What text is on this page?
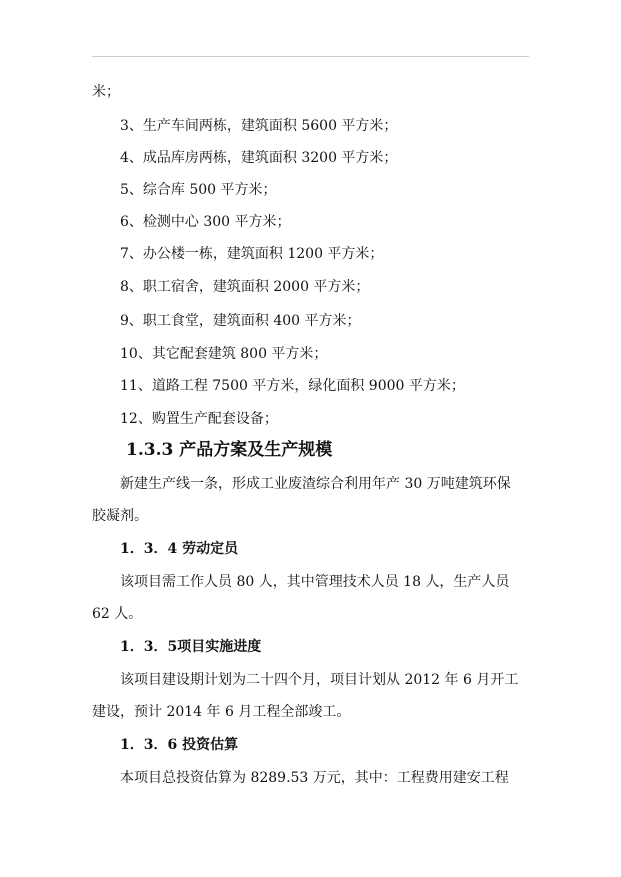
米；
3、生产车间两栋，建筑面积 5600 平方米；
4、成品库房两栋，建筑面积 3200 平方米；
5、综合库 500 平方米；
6、检测中心 300 平方米；
7、办公楼一栋，建筑面积 1200 平方米；
8、职工宿舍，建筑面积 2000 平方米；
9、职工食堂，建筑面积 400 平方米；
10、其它配套建筑 800 平方米；
11、道路工程 7500 平方米，绿化面积 9000 平方米；
12、购置生产配套设备；
1.3.3 产品方案及生产规模
新建生产线一条，形成工业废渣综合利用年产 30 万吨建筑环保
胶凝剂。
1．3．4 劳动定员
该项目需工作人员 80 人，其中管理技术人员 18 人，生产人员
62 人。
1．3．5项目实施进度
该项目建设期计划为二十四个月，项目计划从 2012 年 6 月开工
建设，预计 2014 年 6 月工程全部竣工。
1．3．6 投资估算
本项目总投资估算为 8289.53 万元，其中：工程费用建安工程
